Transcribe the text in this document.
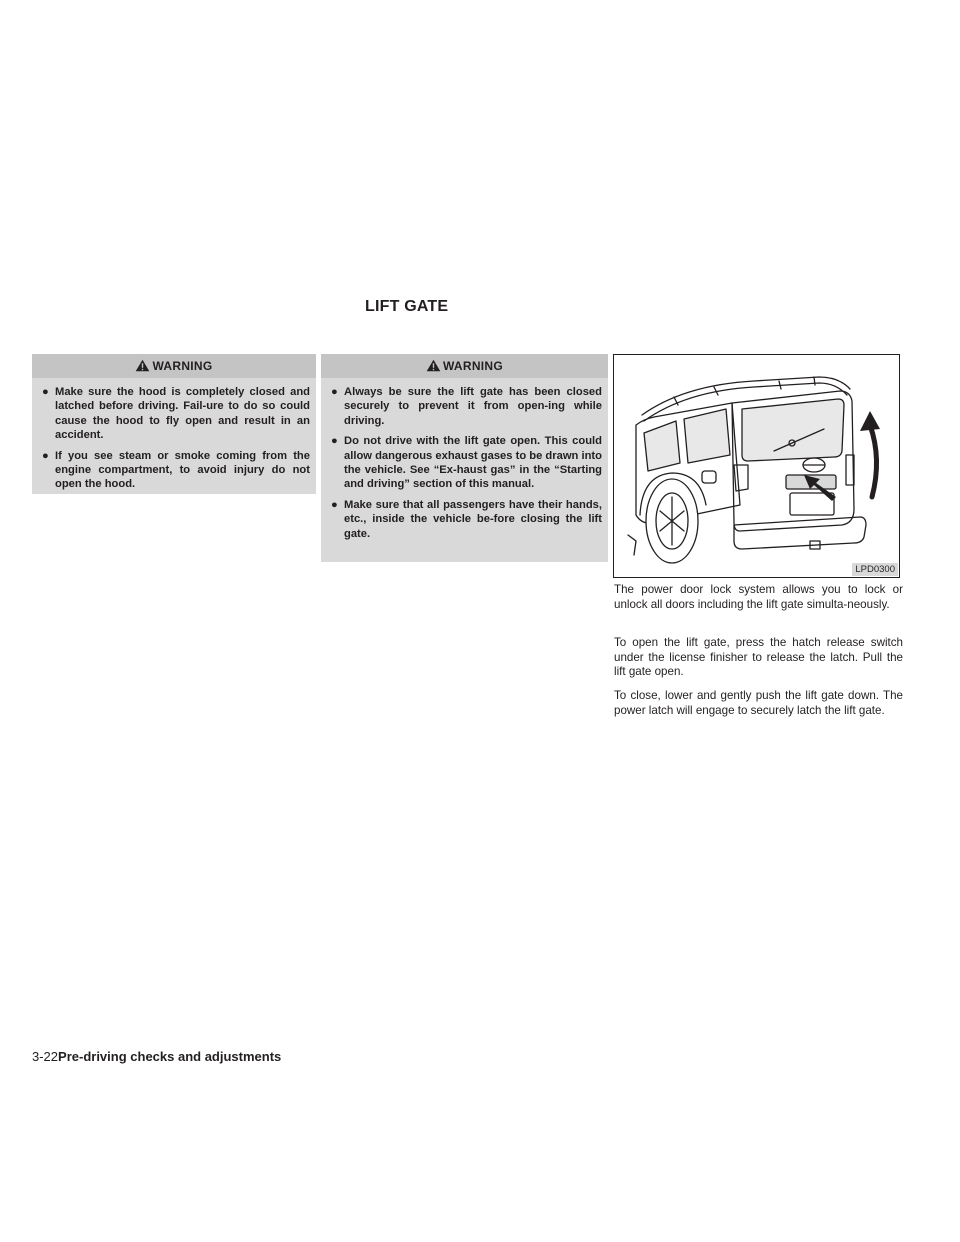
LIFT GATE
WARNING
● Make sure the hood is completely closed and latched before driving. Fail-ure to do so could cause the hood to fly open and result in an accident.
● If you see steam or smoke coming from the engine compartment, to avoid injury do not open the hood.
WARNING
● Always be sure the lift gate has been closed securely to prevent it from open-ing while driving.
● Do not drive with the lift gate open. This could allow dangerous exhaust gases to be drawn into the vehicle. See “Ex-haust gas” in the “Starting and driving” section of this manual.
● Make sure that all passengers have their hands, etc., inside the vehicle be-fore closing the lift gate.
LPD0300
The power door lock system allows you to lock or unlock all doors including the lift gate simulta-neously.
To open the lift gate, press the hatch release switch under the license finisher to release the latch. Pull the lift gate open.
To close, lower and gently push the lift gate down. The power latch will engage to securely latch the lift gate.
3-22Pre-driving checks and adjustments
